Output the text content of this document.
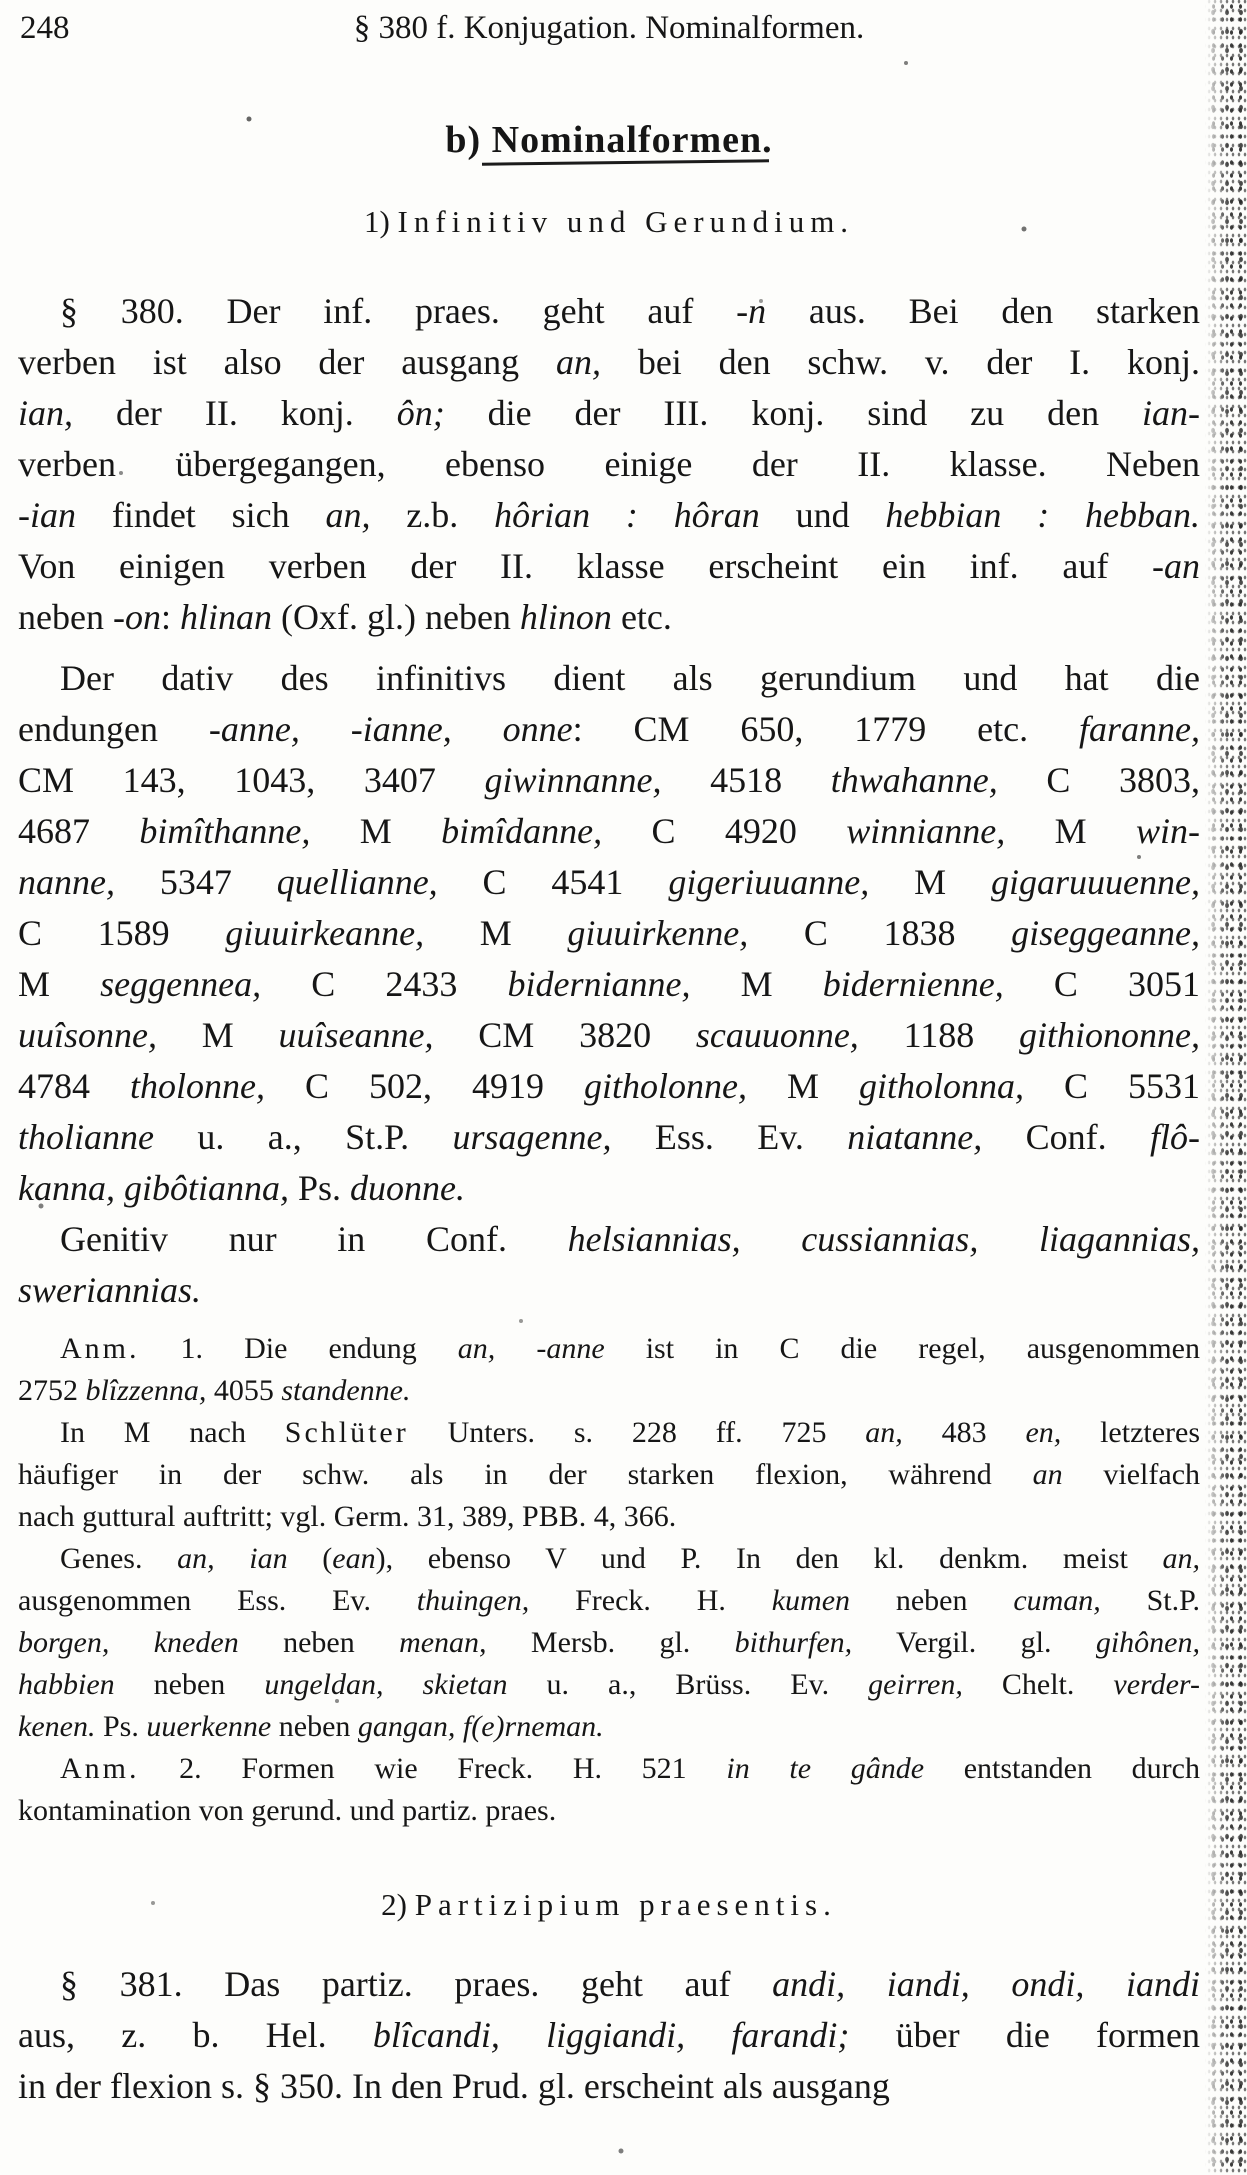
248	§ 380 f. Konjugation. Nominalformen.
b) Nominalformen.
1) Infinitiv und Gerundium.
§ 380. Der inf. praes. geht auf -n aus. Bei den starken
verben ist also der ausgang an, bei den schw. v. der I. konj.
ian, der II. konj. ôn; die der III. konj. sind zu den ian-
verben übergegangen, ebenso einige der II. klasse. Neben
-ian findet sich an, z.b. hôrian : hôran und hebbian : hebban.
Von einigen verben der II. klasse erscheint ein inf. auf -an
neben -on: hlinan (Oxf. gl.) neben hlinon etc.
Der dativ des infinitivs dient als gerundium und hat die
endungen -anne, -ianne, onne: CM 650, 1779 etc. faranne,
CM 143, 1043, 3407 giwinnanne, 4518 thwahanne, C 3803,
4687 bimîthanne, M bimîdanne, C 4920 winnianne, M win-
nanne, 5347 quellianne, C 4541 gigeriuuanne, M gigaruuuenne,
C 1589 giuuirkeanne, M giuuirkenne, C 1838 giseggeanne,
M seggennea, C 2433 bidernianne, M bidernienne, C 3051
uuîsonne, M uuîseanne, CM 3820 scauuonne, 1188 githiononne,
4784 tholonne, C 502, 4919 githolonne, M githolonna, C 5531
tholianne u. a., St.P. ursagenne, Ess. Ev. niatanne, Conf. flô-
kanna, gibôtianna, Ps. duonne.
Genitiv nur in Conf. helsiannias, cussiannias, liagannias,
sweriannias.
Anm. 1. Die endung an, -anne ist in C die regel, ausgenommen
2752 blîzzenna, 4055 standenne.
In M nach Schlüter Unters. s. 228 ff. 725 an, 483 en, letzteres
häufiger in der schw. als in der starken flexion, während an vielfach
nach guttural auftritt; vgl. Germ. 31, 389, PBB. 4, 366.
Genes. an, ian (ean), ebenso V und P. In den kl. denkm. meist an,
ausgenommen Ess. Ev. thuingen, Freck. H. kumen neben cuman, St.P.
borgen, kneden neben menan, Mersb. gl. bithurfen, Vergil. gl. gihônen,
habbien neben ungeldan, skietan u. a., Brüss. Ev. geirren, Chelt. verder-
kenen. Ps. uuerkenne neben gangan, f(e)rneman.
Anm. 2. Formen wie Freck. H. 521 in te gânde entstanden durch
kontamination von gerund. und partiz. praes.
2) Partizipium praesentis.
§ 381. Das partiz. praes. geht auf andi, iandi, ondi, iandi
aus, z. b. Hel. blîcandi, liggiandi, farandi; über die formen
in der flexion s. § 350. In den Prud. gl. erscheint als ausgang
